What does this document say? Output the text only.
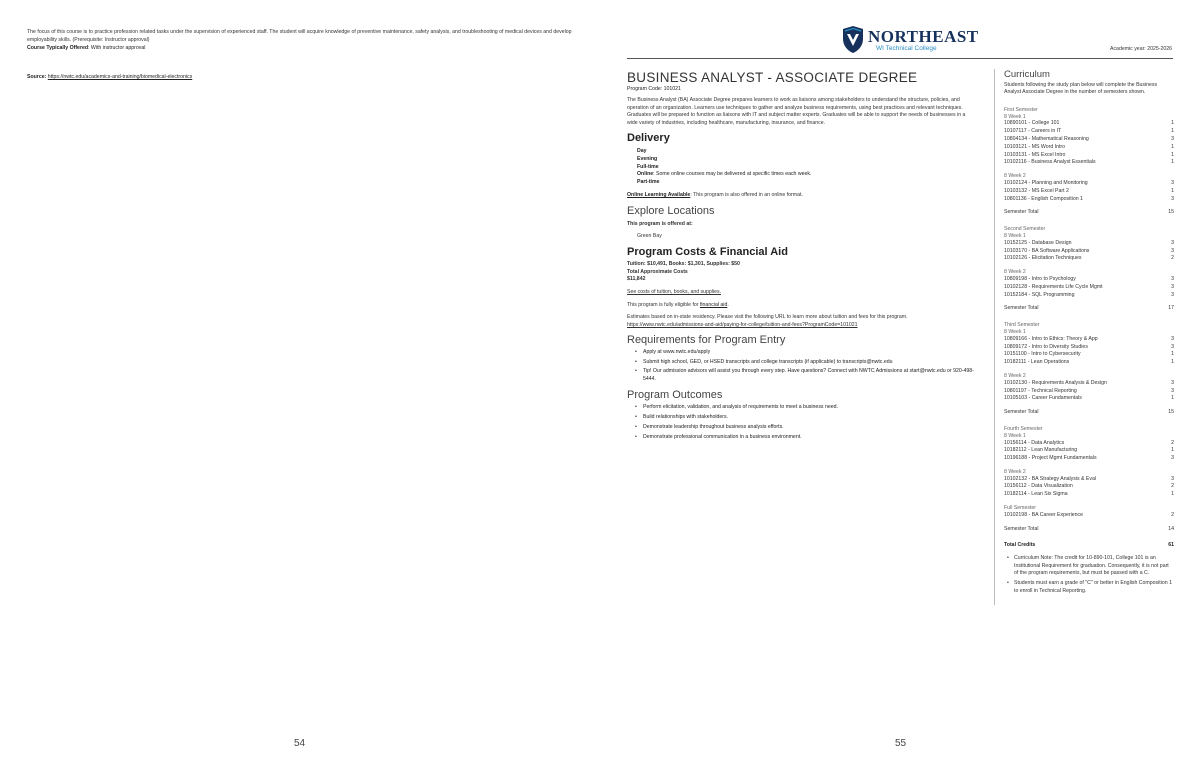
The focus of this course is to practice profession related tasks under the supervision of experienced staff. The student will acquire knowledge of preventive maintenance, safety analysis, and troubleshooting of medical devices and develop employability skills. (Prerequisite: Instructor approval)
Course Typically Offered: With instructor approval
Source: https://nwtc.edu/academics-and-training/biomedical-electronics
54
NORTHEAST
WI Technical College	Academic year: 2025-2026
BUSINESS ANALYST - ASSOCIATE DEGREE
Program Code: 101021
The Business Analyst (BA) Associate Degree prepares learners to work as liaisons among stakeholders to understand the structure, policies, and operation of an organization. Learners use techniques to gather and analyze business requirements, using best practices and relevant techniques. Graduates will be prepared to function as liaisons with IT and subject matter experts. Graduates will be able to support the needs of businesses in a wide variety of industries, including healthcare, manufacturing, insurance, and finance.
Delivery
Day
Evening
Full-time
Online: Some online courses may be delivered at specific times each week.
Part-time
Online Learning Available: This program is also offered in an online format.
Explore Locations
This program is offered at:
Green Bay
Program Costs & Financial Aid
Tuition: $10,491, Books: $1,301, Supplies: $50
Total Approximate Costs
$11,842
See costs of tuition, books, and supplies.
This program is fully eligible for financial aid.
Estimates based on in-state residency. Please visit the following URL to learn more about tuition and fees for this program.
https://www.nwtc.edu/admissions-and-aid/paying-for-college/tuition-and-fees?ProgramCode=101021
Requirements for Program Entry
• Apply at www.nwtc.edu/apply
• Submit high school, GED, or HSED transcripts and college transcripts (if applicable) to transcripts@nwtc.edu
• Tip! Our admission advisors will assist you through every step. Have questions? Connect with NWTC Admissions at start@nwtc.edu or 920-498-5444.
Program Outcomes
• Perform elicitation, validation, and analysis of requirements to meet a business need.
• Build relationships with stakeholders.
• Demonstrate leadership throughout business analysis efforts.
• Demonstrate professional communication in a business environment.
Curriculum
Students following the study plan below will complete the Business Analyst Associate Degree in the number of semesters shown.
First Semester
8 Week 1
10890101 - College 101	1
10107117 - Careers in IT	1
10804134 - Mathematical Reasoning	3
10103121 - MS Word Intro	1
10103131 - MS Excel Intro	1
10102116 - Business Analyst Essentials	1
8 Week 2
10102124 - Planning and Monitoring	3
10103132 - MS Excel Part 2	1
10801136 - English Composition 1	3
Semester Total	15
Second Semester
8 Week 1
10152125 - Database Design	3
10103170 - BA Software Applications	3
10102126 - Elicitation Techniques	2
8 Week 2
10809198 - Intro to Psychology	3
10102128 - Requirements Life Cycle Mgmt	3
10152184 - SQL Programming	3
Semester Total	17
Third Semester
8 Week 1
10809166 - Intro to Ethics: Theory & App	3
10809172 - Intro to Diversity Studies	3
10151100 - Intro to Cybersecurity	1
10182111 - Lean Operations	1
8 Week 2
10102130 - Requirements Analysis & Design	3
10801197 - Technical Reporting	3
10105103 - Career Fundamentals	1
Semester Total	15
Fourth Semester
8 Week 1
10156114 - Data Analytics	2
10182112 - Lean Manufacturing	1
10196188 - Project Mgmt Fundamentals	3
8 Week 2
10102132 - BA Strategy Analysis & Eval	3
10156112 - Data Visualization	2
10182114 - Lean Six Sigma	1
Full Semester
10102198 - BA Career Experience	2
Semester Total	14
Total Credits	61
• Curriculum Note: The credit for 10-890-101, College 101 is an Institutional Requirement for graduation. Consequently, it is not part of the program requirements, but must be passed with a C.
• Students must earn a grade of "C" or better in English Composition 1 to enroll in Technical Reporting.
55
